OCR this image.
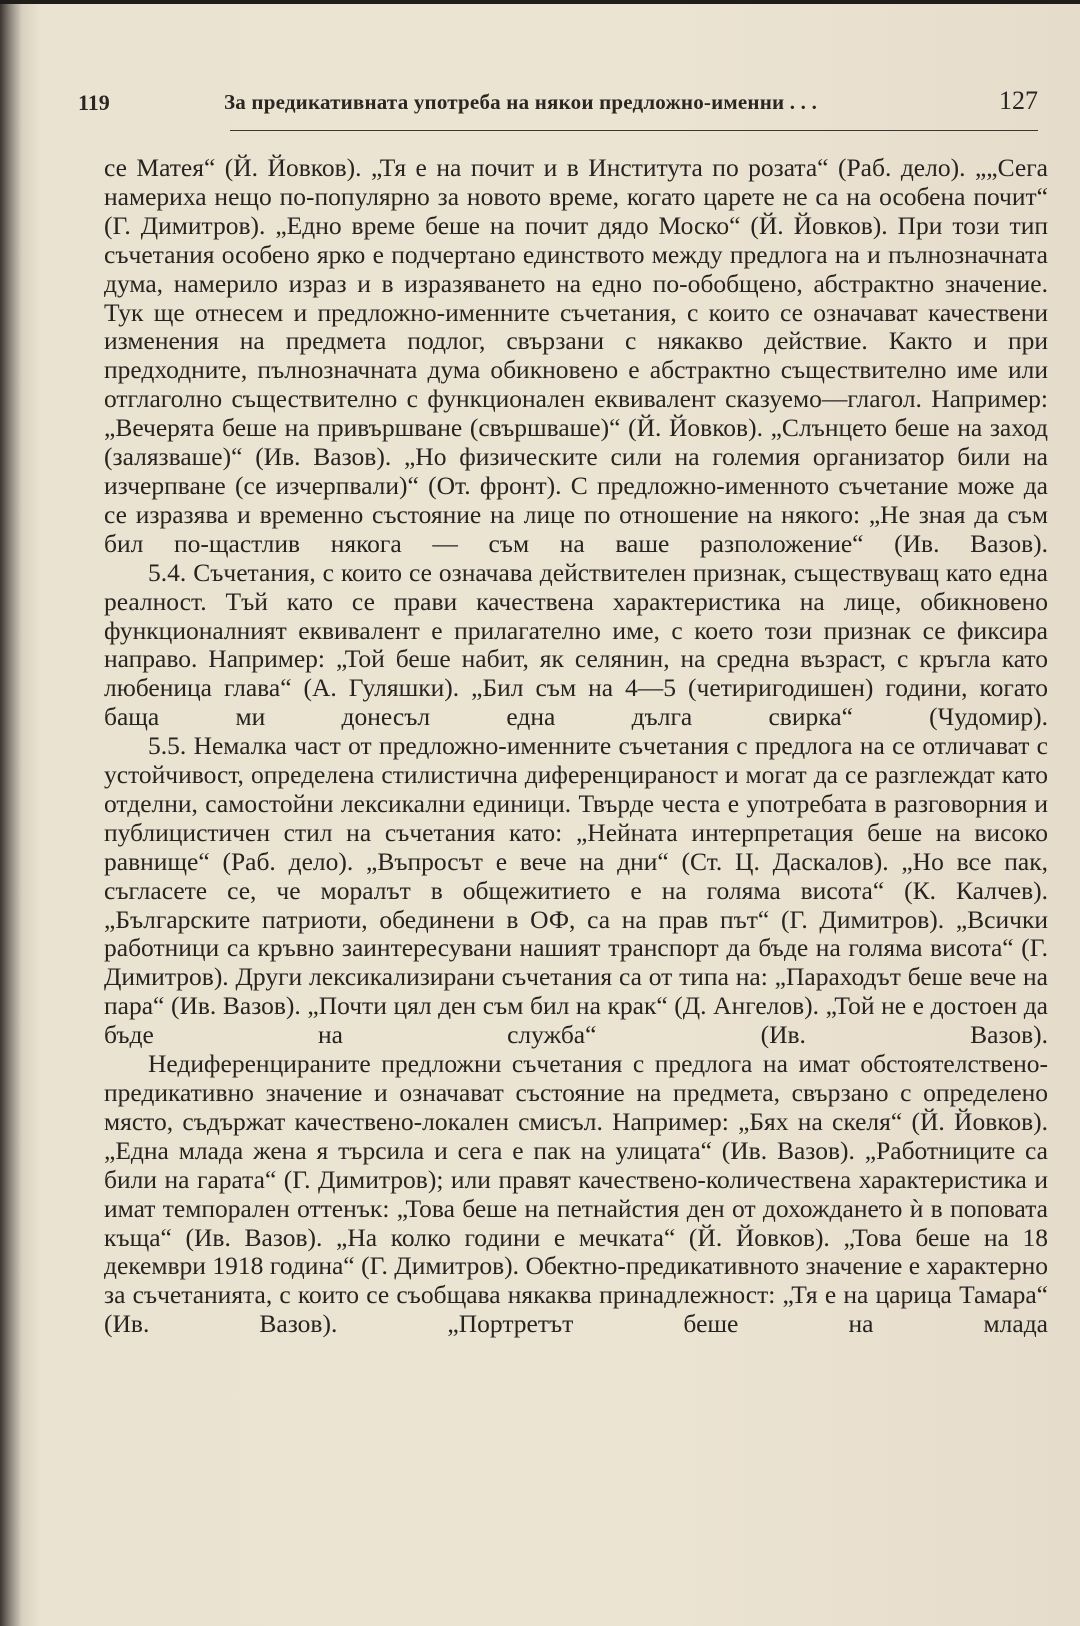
119	За предикативната употреба на някои предложно-именни . . .	127

се Матея“ (Й. Йовков). „Тя е на почит и в Института по розата“ (Раб. дело). „„Сега намериха нещо по-популярно за новото време, когато царете не са на особена почит“ (Г. Димитров). „Едно време беше на почит дядо Моско“ (Й. Йовков). При този тип съчетания особено ярко е подчертано единството между предлога на и пълнозначната дума, намерило израз и в изразяването на едно по-обобщено, абстрактно значение. Тук ще отнесем и предложно-именните съчетания, с които се означават качествени изменения на предмета подлог, свързани с някакво действие. Както и при предходните, пълнозначната дума обикновено е абстрактно съществително име или отглаголно съществително с функционален еквивалент сказуемо—глагол. Например: „Вечерята беше на привършване (свършваше)“ (Й. Йовков). „Слънцето беше на заход (залязваше)“ (Ив. Вазов). „Но физическите сили на големия организатор били на изчерпване (се изчерпвали)“ (От. фронт). С предложно-именното съчетание може да се изразява и временно състояние на лице по отношение на някого: „Не зная да съм бил по-щастлив някога — съм на ваше разположение“ (Ив. Вазов).

5.4. Съчетания, с които се означава действителен признак, съществуващ като една реалност. Тъй като се прави качествена характеристика на лице, обикновено функционалният еквивалент е прилагателно име, с което този признак се фиксира направо. Например: „Той беше набит, як селянин, на средна възраст, с кръгла като любеница глава“ (А. Гуляшки). „Бил съм на 4—5 (четиригодишен) години, когато баща ми донесъл една дълга свирка“ (Чудомир).

5.5. Немалка част от предложно-именните съчетания с предлога на се отличават с устойчивост, определена стилистична диференцираност и могат да се разглеждат като отделни, самостойни лексикални единици. Твърде честа е употребата в разговорния и публицистичен стил на съчетания като: „Нейната интерпретация беше на високо равнище“ (Раб. дело). „Въпросът е вече на дни“ (Ст. Ц. Даскалов). „Но все пак, съгласете се, че моралът в общежитието е на голяма висота“ (К. Калчев). „Българските патриоти, обединени в ОФ, са на прав път“ (Г. Димитров). „Всички работници са кръвно заинтересувани нашият транспорт да бъде на голяма висота“ (Г. Димитров). Други лексикализирани съчетания са от типа на: „Параходът беше вече на пара“ (Ив. Вазов). „Почти цял ден съм бил на крак“ (Д. Ангелов). „Той не е достоен да бъде на служба“ (Ив. Вазов).

Недиференцираните предложни съчетания с предлога на имат обстоятелствено-предикативно значение и означават състояние на предмета, свързано с определено място, съдържат качествено-локален смисъл. Например: „Бях на скеля“ (Й. Йовков). „Една млада жена я търсила и сега е пак на улицата“ (Ив. Вазов). „Работниците са били на гарата“ (Г. Димитров); или правят качествено-количествена характеристика и имат темпорален оттенък: „Това беше на петнайстия ден от дохождането ѝ в поповата къща“ (Ив. Вазов). „На колко години е мечката“ (Й. Йовков). „Това беше на 18 декември 1918 година“ (Г. Димитров). Обектно-предикативното значение е характерно за съчетанията, с които се съобщава някаква принадлежност: „Тя е на царица Тамара“ (Ив. Вазов). „Портретът беше на млада
